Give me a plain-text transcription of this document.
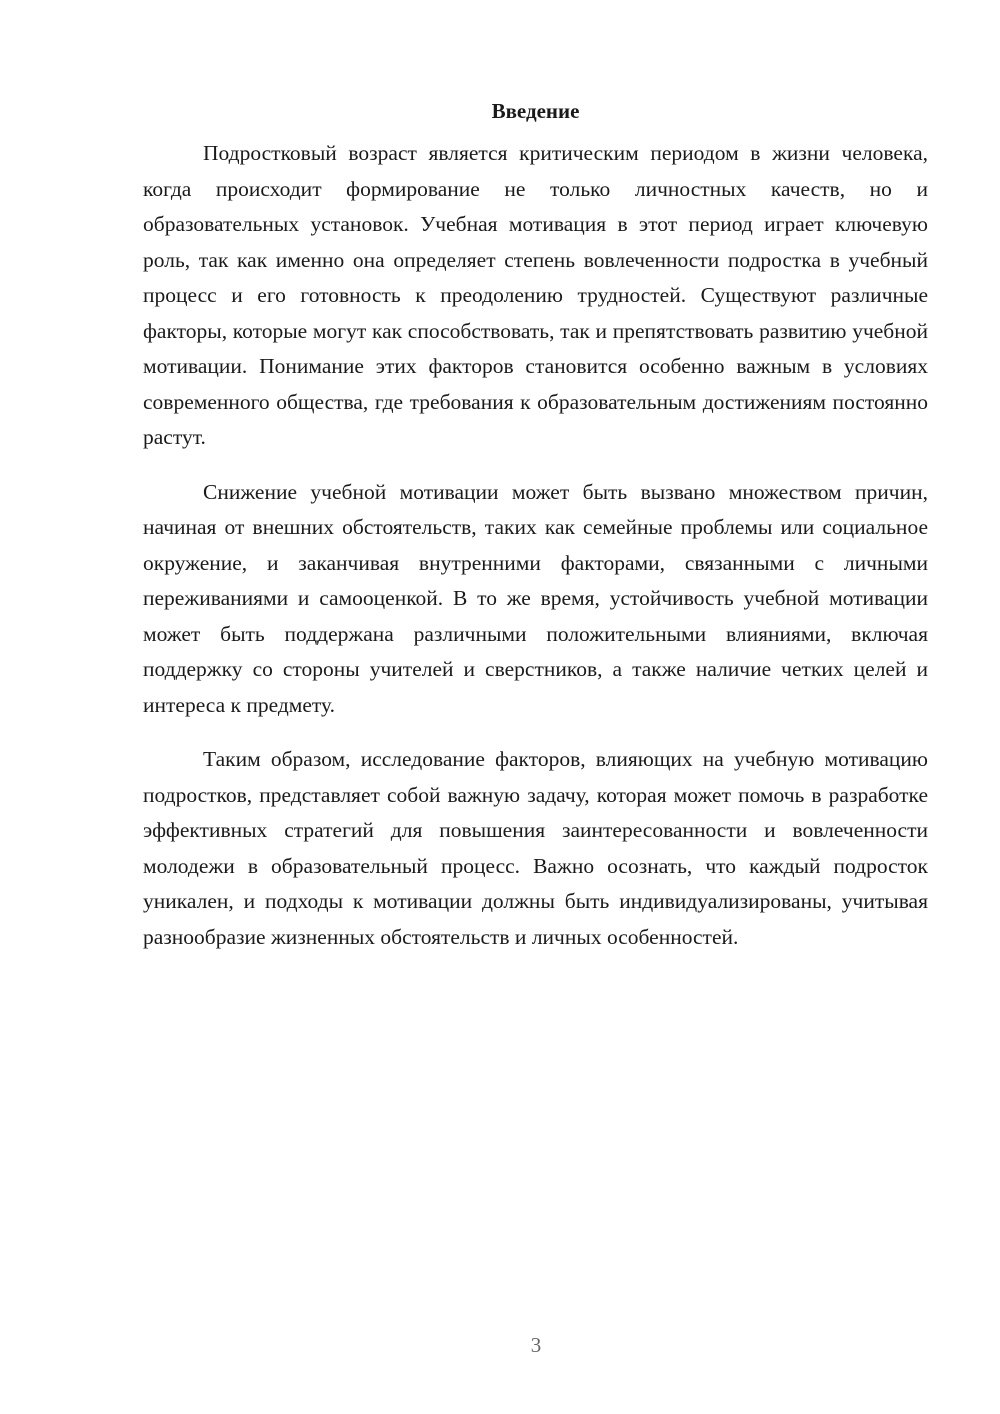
Введение

Подростковый возраст является критическим периодом в жизни человека, когда происходит формирование не только личностных качеств, но и образовательных установок. Учебная мотивация в этот период играет ключевую роль, так как именно она определяет степень вовлеченности подростка в учебный процесс и его готовность к преодолению трудностей. Существуют различные факторы, которые могут как способствовать, так и препятствовать развитию учебной мотивации. Понимание этих факторов становится особенно важным в условиях современного общества, где требования к образовательным достижениям постоянно растут.

Снижение учебной мотивации может быть вызвано множеством причин, начиная от внешних обстоятельств, таких как семейные проблемы или социальное окружение, и заканчивая внутренними факторами, связанными с личными переживаниями и самооценкой. В то же время, устойчивость учебной мотивации может быть поддержана различными положительными влияниями, включая поддержку со стороны учителей и сверстников, а также наличие четких целей и интереса к предмету.

Таким образом, исследование факторов, влияющих на учебную мотивацию подростков, представляет собой важную задачу, которая может помочь в разработке эффективных стратегий для повышения заинтересованности и вовлеченности молодежи в образовательный процесс. Важно осознать, что каждый подросток уникален, и подходы к мотивации должны быть индивидуализированы, учитывая разнообразие жизненных обстоятельств и личных особенностей.

3
